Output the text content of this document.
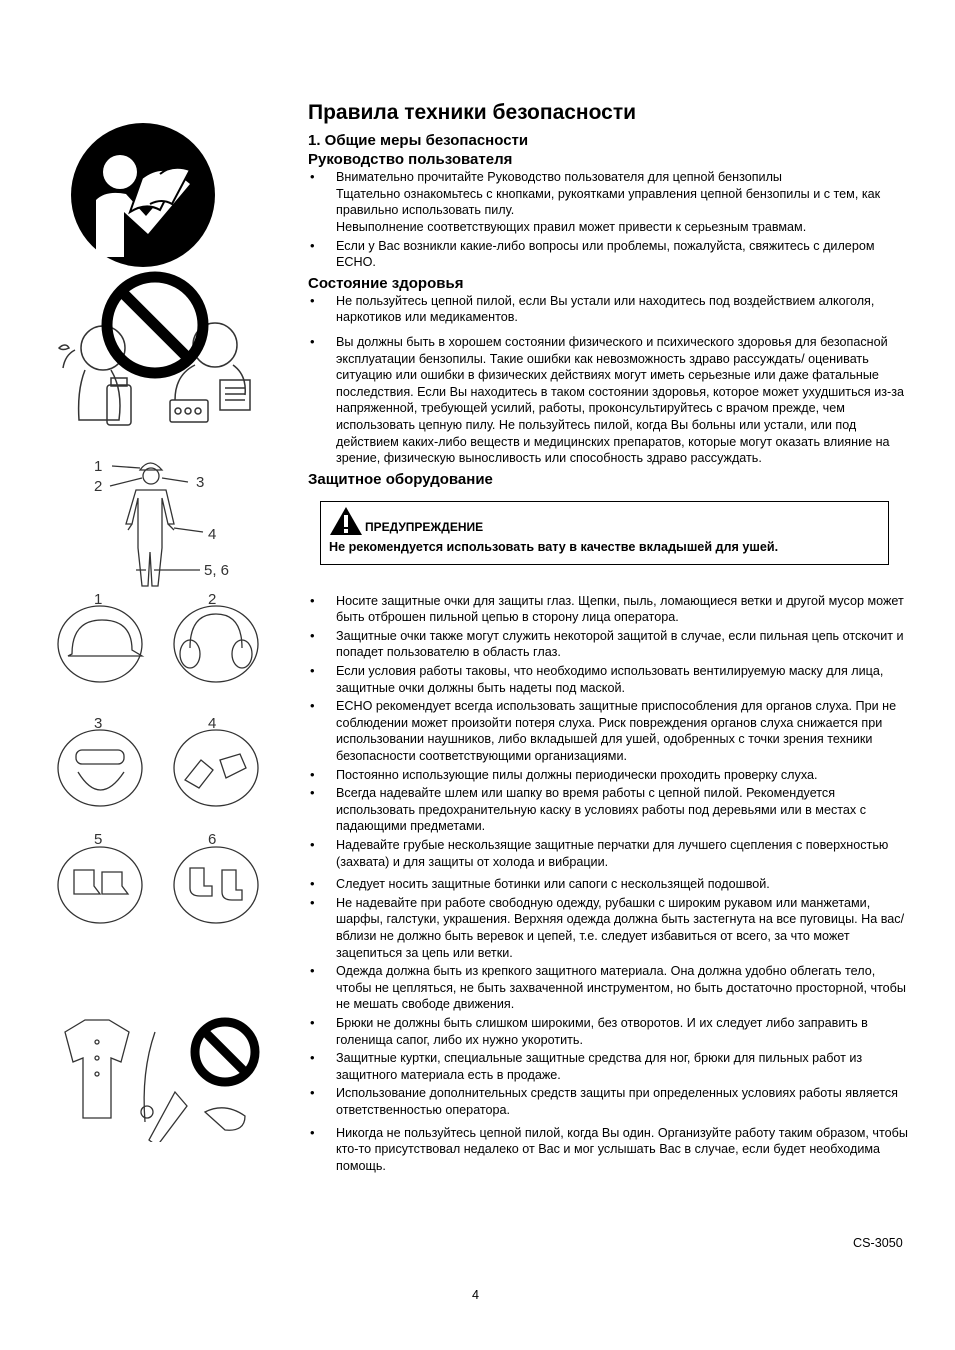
1
2	3
4
5, 6
1	2
3	4
5	6
Правила техники безопасности
1. Общие меры безопасности
Руководство пользователя
• Внимательно прочитайте Руководство пользователя для цепной бензопилы
Тщательно ознакомьтесь с кнопками, рукоятками управления цепной бензопилы и с тем, как правильно использовать пилу.
Невыполнение соответствующих правил может привести к серьезным травмам.
• Если у Вас возникли какие-либо вопросы или проблемы, пожалуйста, свяжитесь с дилером ECHO.
Состояние здоровья
• Не пользуйтесь цепной пилой, если Вы устали или находитесь под воздействием алкоголя, наркотиков или медикаментов.
• Вы должны быть в хорошем состоянии физического и психического здоровья для безопасной эксплуатации бензопилы. Такие ошибки как невозможность здраво рассуждать/ оценивать ситуацию или ошибки в физических действиях могут иметь серьезные или даже фатальные последствия. Если Вы находитесь в таком состоянии здоровья, которое может ухудшиться из-за напряженной, требующей усилий, работы, проконсультируйтесь с врачом прежде, чем использовать цепную пилу. Не пользуйтесь пилой, когда Вы больны или устали, или под действием каких-либо веществ и медицинских препаратов, которые могут оказать влияние на зрение, физическую выносливость или способность здраво рассуждать.
Защитное оборудование
ПРЕДУПРЕЖДЕНИЕ
Не рекомендуется использовать вату в качестве вкладышей для ушей.
• Носите защитные очки для защиты глаз. Щепки, пыль, ломающиеся ветки и другой мусор может быть отброшен пильной цепью в сторону лица оператора.
• Защитные очки также могут служить некоторой защитой в случае, если пильная цепь отскочит и попадет пользователю в область глаз.
• Если условия работы таковы, что необходимо использовать вентилируемую маску для лица, защитные очки должны быть надеты под маской.
• ECHO рекомендует всегда использовать защитные приспособления для органов слуха. При не соблюдении может произойти потеря слуха. Риск повреждения органов слуха снижается при использовании наушников, либо вкладышей для ушей, одобренных с точки зрения техники безопасности соответствующими организациями.
• Постоянно использующие пилы должны периодически проходить проверку слуха.
• Всегда надевайте шлем или шапку во время работы с цепной пилой. Рекомендуется использовать предохранительную каску в условиях работы под деревьями или в местах с падающими предметами.
• Надевайте грубые нескользящие защитные перчатки для лучшего сцепления с поверхностью (захвата) и для защиты от холода и вибрации.
• Следует носить защитные ботинки или сапоги с нескользящей подошвой.
• Не надевайте при работе свободную одежду, рубашки с широким рукавом или манжетами, шарфы, галстуки, украшения. Верхняя одежда должна быть застегнута на все пуговицы. На вас/вблизи не должно быть веревок и цепей, т.е. следует избавиться от всего, за что может зацепиться за цепь или ветки.
• Одежда должна быть из крепкого защитного материала. Она должна удобно облегать тело, чтобы не цепляться, не быть захваченной инструментом, но быть достаточно просторной, чтобы не мешать свободе движения.
• Брюки не должны быть слишком широкими, без отворотов. И их следует либо заправить в голенища сапог, либо их нужно укоротить.
• Защитные куртки, специальные защитные средства для ног, брюки для пильных работ из защитного материала есть в продаже.
• Использование дополнительных средств защиты при определенных условиях работы является ответственностью оператора.
• Никогда не пользуйтесь цепной пилой, когда Вы один. Организуйте работу таким образом, чтобы кто-то присутствовал недалеко от Вас и мог услышать Вас в случае, если будет необходима помощь.
CS-3050
4
